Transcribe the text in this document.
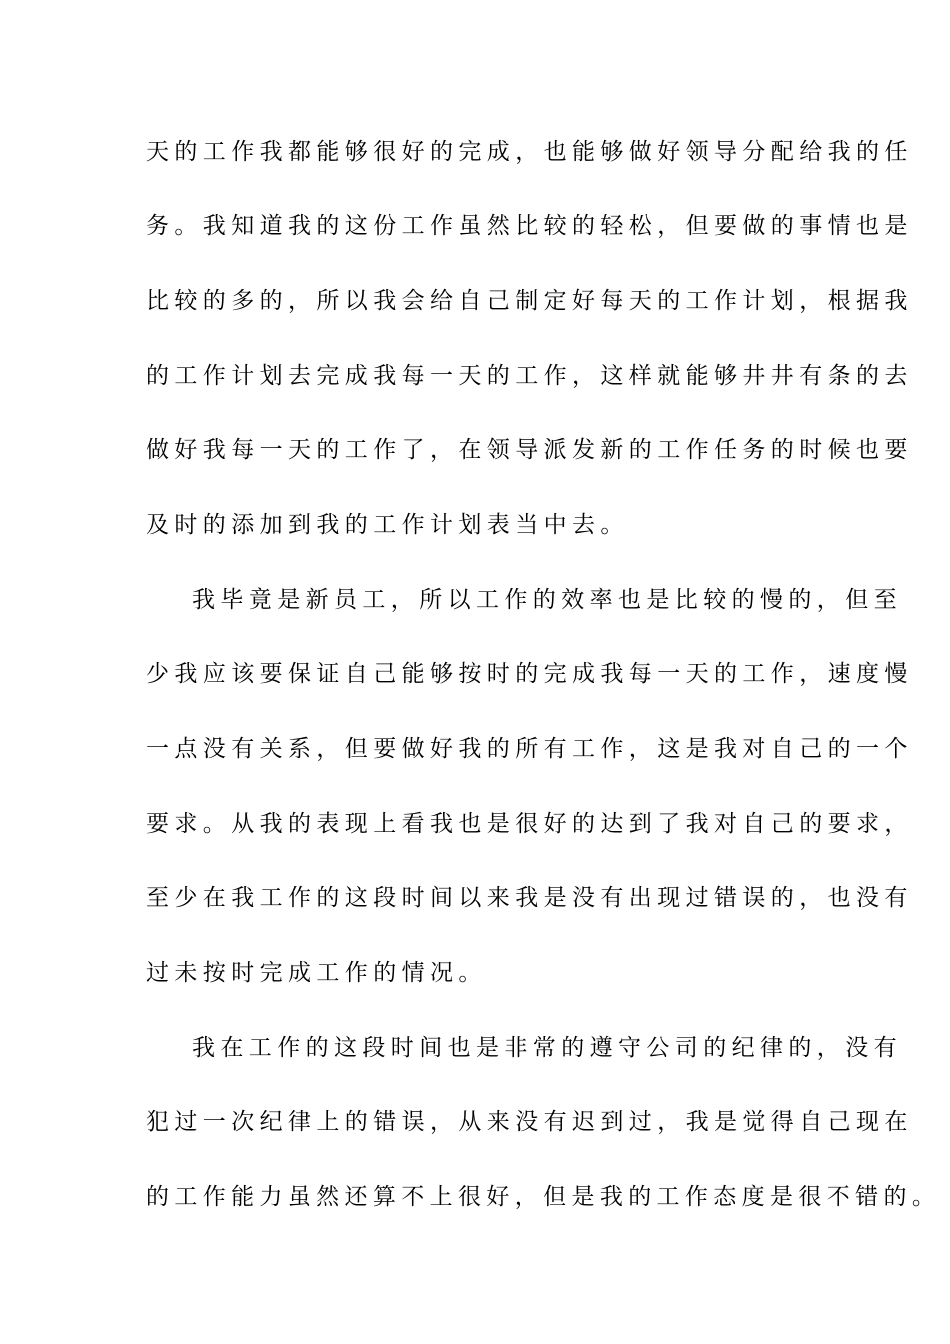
天的工作我都能够很好的完成，也能够做好领导分配给我的任
务。我知道我的这份工作虽然比较的轻松，但要做的事情也是
比较的多的，所以我会给自己制定好每天的工作计划，根据我
的工作计划去完成我每一天的工作，这样就能够井井有条的去
做好我每一天的工作了，在领导派发新的工作任务的时候也要
及时的添加到我的工作计划表当中去。
我毕竟是新员工，所以工作的效率也是比较的慢的，但至
少我应该要保证自己能够按时的完成我每一天的工作，速度慢
一点没有关系，但要做好我的所有工作，这是我对自己的一个
要求。从我的表现上看我也是很好的达到了我对自己的要求，
至少在我工作的这段时间以来我是没有出现过错误的，也没有
过未按时完成工作的情况。
我在工作的这段时间也是非常的遵守公司的纪律的，没有
犯过一次纪律上的错误，从来没有迟到过，我是觉得自己现在
的工作能力虽然还算不上很好，但是我的工作态度是很不错的。
